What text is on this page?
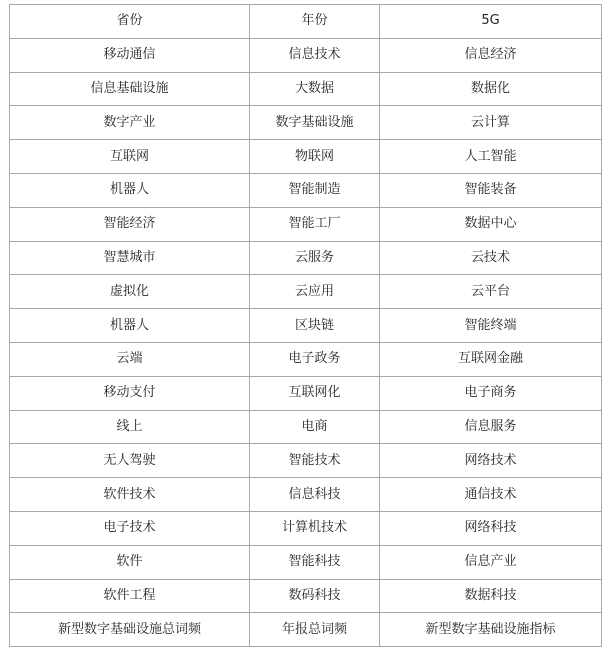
省份	年份	5G
移动通信	信息技术	信息经济
信息基础设施	大数据	数据化
数字产业	数字基础设施	云计算
互联网	物联网	人工智能
机器人	智能制造	智能装备
智能经济	智能工厂	数据中心
智慧城市	云服务	云技术
虚拟化	云应用	云平台
机器人	区块链	智能终端
云端	电子政务	互联网金融
移动支付	互联网化	电子商务
线上	电商	信息服务
无人驾驶	智能技术	网络技术
软件技术	信息科技	通信技术
电子技术	计算机技术	网络科技
软件	智能科技	信息产业
软件工程	数码科技	数据科技
新型数字基础设施总词频	年报总词频	新型数字基础设施指标
